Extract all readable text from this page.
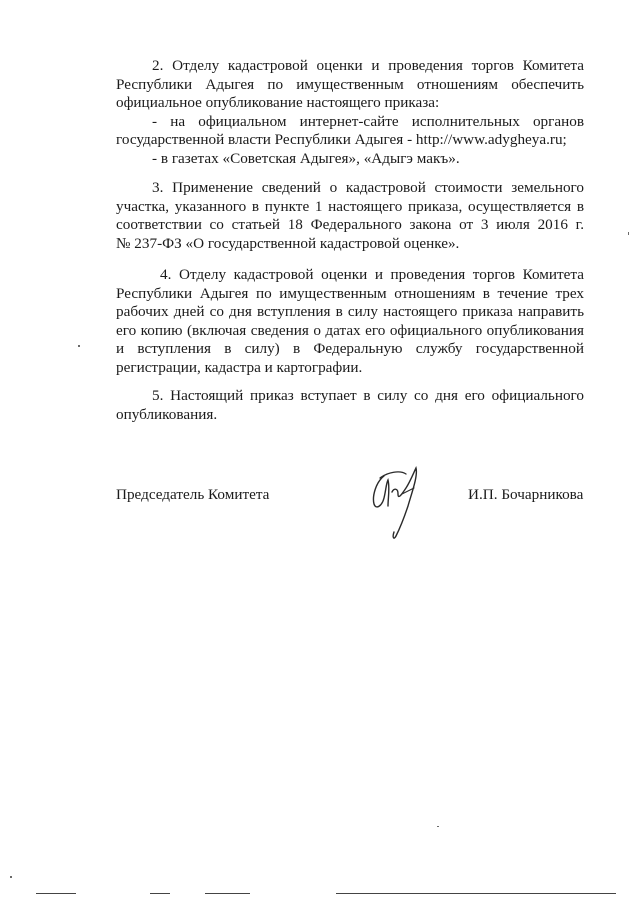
2. Отделу кадастровой оценки и проведения торгов Комитета
Республики Адыгея по имущественным отношениям обеспечить
официальное опубликование настоящего приказа:
- на официальном интернет-сайте исполнительных органов
государственной власти Республики Адыгея - http://www.adygheya.ru;
- в газетах «Советская Адыгея», «Адыгэ макъ».
3. Применение сведений о кадастровой стоимости земельного
участка, указанного в пункте 1 настоящего приказа, осуществляется в
соответствии со статьей 18 Федерального закона от 3 июля 2016 г.
№ 237-ФЗ «О государственной кадастровой оценке».
4. Отделу кадастровой оценки и проведения торгов Комитета
Республики Адыгея по имущественным отношениям в течение трех
рабочих дней со дня вступления в силу настоящего приказа направить
его копию (включая сведения о датах его официального опубликования
и вступления в силу) в Федеральную службу государственной
регистрации, кадастра и картографии.
5. Настоящий приказ вступает в силу со дня его официального
опубликования.
Председатель Комитета	И.П. Бочарникова
